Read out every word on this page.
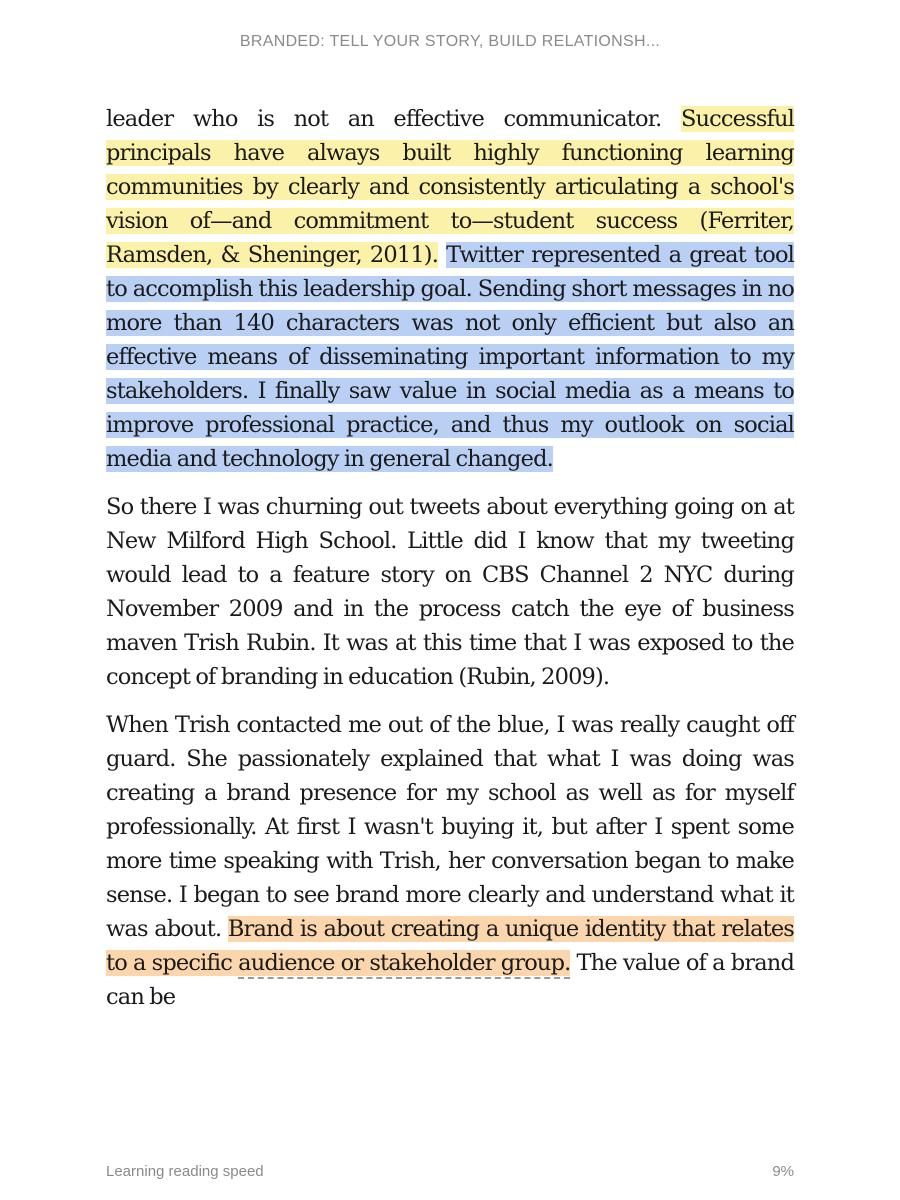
BRANDED: TELL YOUR STORY, BUILD RELATIONSH...

leader who is not an effective communicator. Successful principals have always built highly functioning learning communities by clearly and consistently articulating a school's vision of—and commitment to—student success (Ferriter, Ramsden, & Sheninger, 2011). Twitter represented a great tool to accomplish this leadership goal. Sending short messages in no more than 140 characters was not only efficient but also an effective means of disseminating important information to my stakeholders. I finally saw value in social media as a means to improve professional practice, and thus my outlook on social media and technology in general changed.

So there I was churning out tweets about everything going on at New Milford High School. Little did I know that my tweeting would lead to a feature story on CBS Channel 2 NYC during November 2009 and in the process catch the eye of business maven Trish Rubin. It was at this time that I was exposed to the concept of branding in education (Rubin, 2009).

When Trish contacted me out of the blue, I was really caught off guard. She passionately explained that what I was doing was creating a brand presence for my school as well as for myself professionally. At first I wasn't buying it, but after I spent some more time speaking with Trish, her conversation began to make sense. I began to see brand more clearly and understand what it was about. Brand is about creating a unique identity that relates to a specific audience or stakeholder group. The value of a brand can be

Learning reading speed	9%
